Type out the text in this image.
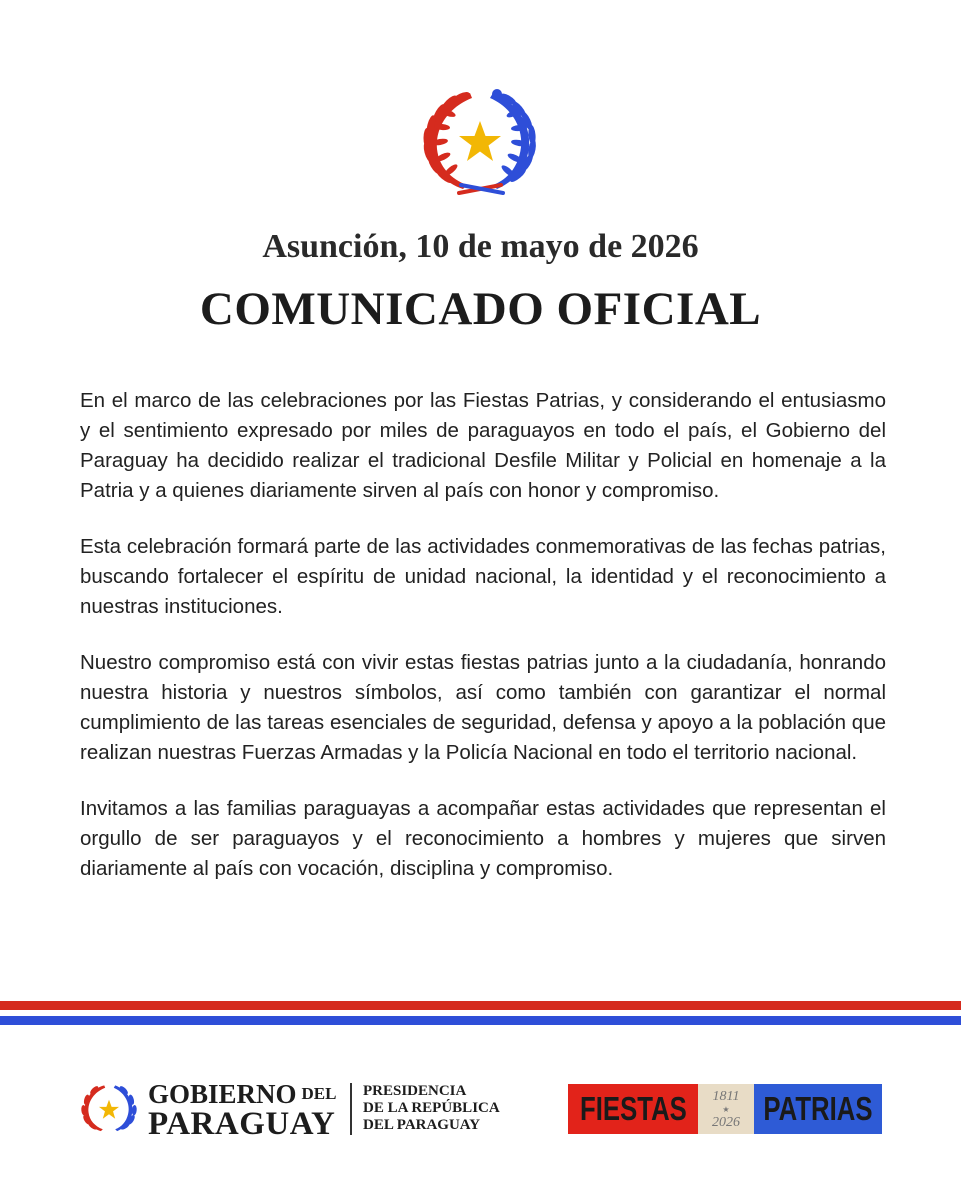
Asunción, 10 de mayo de 2026
COMUNICADO OFICIAL

En el marco de las celebraciones por las Fiestas Patrias, y considerando el entusiasmo y el sentimiento expresado por miles de paraguayos en todo el país, el Gobierno del Paraguay ha decidido realizar el tradicional Desfile Militar y Policial en homenaje a la Patria y a quienes diariamente sirven al país con honor y compromiso.

Esta celebración formará parte de las actividades conmemorativas de las fechas patrias, buscando fortalecer el espíritu de unidad nacional, la identidad y el reconocimiento a nuestras instituciones.

Nuestro compromiso está con vivir estas fiestas patrias junto a la ciudadanía, honrando nuestra historia y nuestros símbolos, así como también con garantizar el normal cumplimiento de las tareas esenciales de seguridad, defensa y apoyo a la población que realizan nuestras Fuerzas Armadas y la Policía Nacional en todo el territorio nacional.

Invitamos a las familias paraguayas a acompañar estas actividades que representan el orgullo de ser paraguayos y el reconocimiento a hombres y mujeres que sirven diariamente al país con vocación, disciplina y compromiso.

GOBIERNO DEL
PARAGUAY
PRESIDENCIA
DE LA REPÚBLICA
DEL PARAGUAY	FIESTAS 1811
★
2026 PATRIAS
